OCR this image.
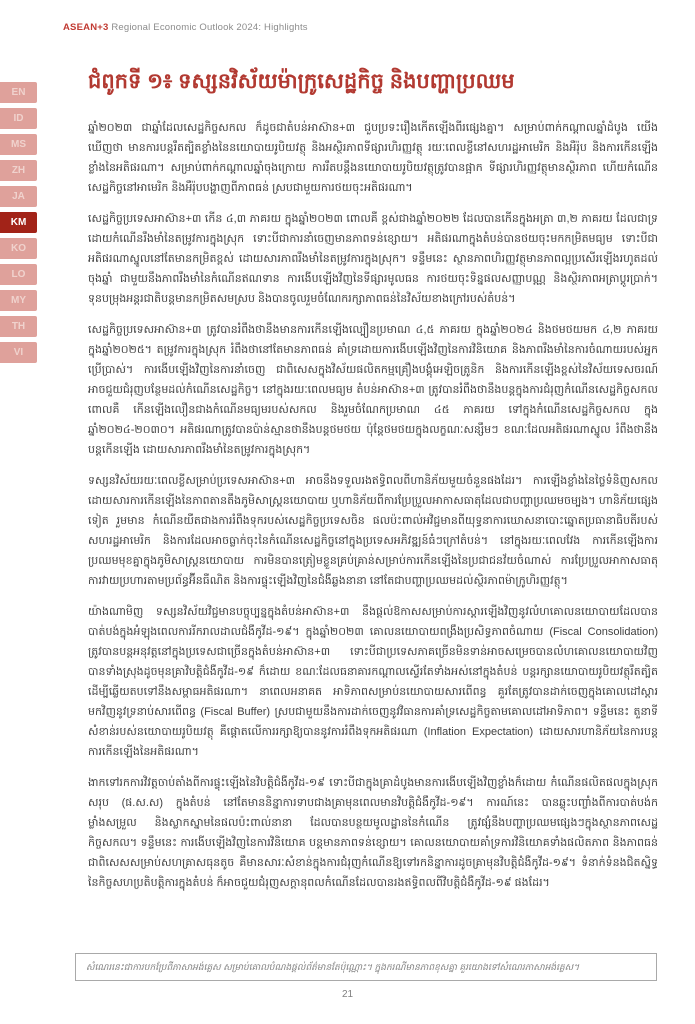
ASEAN+3 Regional Economic Outlook 2024: Highlights
EN
ID
MS
ZH
JA
KM
KO
LO
MY
TH
VI
ជំពូកទី ១៖ ទស្សនវិស័យម៉ាក្រូសេដ្ឋកិច្ច និងបញ្ហាប្រឈម

ឆ្នាំ២០២៣ ជាឆ្នាំដែលសេដ្ឋកិច្ចសកល ក៏ដូចជាតំបន់អាស៊ាន+៣ ជួបប្រទះរឿងកើតឡើងពីរផ្សេងគ្នា។ សម្រាប់ពាក់កណ្តាលឆ្នាំដំបូង យើងឃើញថា មានការបន្តរឹតត្បិតខ្លាំងនៃនយោបាយរូបិយវត្ថុ និងអស្ថិរភាពទីផ្សារហិរញ្ញវត្ថុ រយៈពេលខ្លីនៅសហរដ្ឋអាមេរិក និងអឺរ៉ុប និងការកើនឡើងខ្លាំងនៃអតិផរណា។ សម្រាប់ពាក់កណ្តាលឆ្នាំចុងក្រោយ ការរឹតបន្តឹងនយោបាយរូបិយវត្ថុត្រូវបានផ្អាក ទីផ្សារហិរញ្ញវត្ថុមានស្ថិរភាព ហើយកំណើនសេដ្ឋកិច្ចនៅអាមេរិក និងអឺរ៉ុបបង្ហាញពីភាពធន់ ស្របជាមួយការថយចុះអតិផរណា។

សេដ្ឋកិច្ចប្រទេសអាស៊ាន+៣ កើន ៤,៣ ភាគរយ ក្នុងឆ្នាំ២០២៣ ពោលគឺ ខ្ពស់ជាងឆ្នាំ២០២២ ដែលបានកើនក្នុងអត្រា ៣,២ ភាគរយ ដែលជាទ្រដោយកំណើនរឹងមាំនៃតម្រូវការក្នុងស្រុក ទោះបីជាការនាំចេញមានភាពទន់ខ្សោយ។ អតិផរណាក្នុងតំបន់បានថយចុះមកកម្រិតមធ្យម ទោះបីជាអតិផរណាស្នូលនៅតែមានកម្រិតខ្ពស់ ដោយសារភាពរឹងមាំនៃតម្រូវការក្នុងស្រុក។ ទន្ទឹមនេះ ស្ថានភាពហិរញ្ញវត្ថុមានភាពល្អប្រសើរឡើងរហូតដល់ចុងឆ្នាំ ជាមួយនឹងភាពរឹងមាំនៃកំណើនឥណទាន ការងើបឡើងវិញនៃទីផ្សារមូលធន ការថយចុះទិន្នផលសញ្ញាបណ្ណ និងស្ថិរភាពអត្រាប្តូរប្រាក់។ ទុនបម្រុងអន្តរជាតិបន្តមានកម្រិតសមស្រប និងបានចូលរួមចំណែករក្សាភាពធន់នៃវិស័យខាងក្រៅរបស់តំបន់។

សេដ្ឋកិច្ចប្រទេសអាស៊ាន+៣ ត្រូវបានរំពឹងថានឹងមានការកើនឡើងល្បឿនប្រមាណ ៤,៥ ភាគរយ ក្នុងឆ្នាំ២០២៤ និងថមថយមក ៤,២ ភាគរយ ក្នុងឆ្នាំ២០២៥។ តម្រូវការក្នុងស្រុក រំពឹងថានៅតែមានភាពធន់ គាំទ្រដោយការងើបឡើងវិញនៃការវិនិយោគ និងភាពរឹងមាំនៃការចំណាយរបស់អ្នកប្រើប្រាស់។ ការងើបឡើងវិញនៃការនាំចេញ ជាពិសេសក្នុងវិស័យផលិតកម្មគ្រឿងបង្គុំអេឡិចត្រូនិក និងការកើនឡើងខ្ពស់នៃវិស័យទេសចរណ៍ អាចជួយជំរុញបន្ថែមដល់កំណើនសេដ្ឋកិច្ច។ នៅក្នុងរយៈពេលមធ្យម តំបន់អាស៊ាន+៣ ត្រូវបានរំពឹងថានឹងបន្តក្នុងការជំរុញកំណើនសេដ្ឋកិច្ចសកល ពោលគឺ កើនឡើងលឿនជាងកំណើនមធ្យមរបស់សកល និងរួមចំណែកប្រមាណ ៤៥ ភាគរយ ទៅក្នុងកំណើនសេដ្ឋកិច្ចសកល ក្នុងឆ្នាំ២០២៤-២០៣០។ អតិផរណាត្រូវបានប៉ាន់ស្មានថានឹងបន្តថមថយ ប៉ុន្តែថមថយក្នុងលក្ខណៈសន្សឹមៗ ខណៈដែលអតិផរណាស្នូល រំពឹងថានឹងបន្តកើនឡើង ដោយសារភាពរឹងមាំនៃតម្រូវការក្នុងស្រុក។

ទស្សនវិស័យរយៈពេលខ្លីសម្រាប់ប្រទេសអាស៊ាន+៣ អាចនឹងទទួលរងឥទ្ធិពលពីហានិភ័យមួយចំនួនផងដែរ។ ការឡើងខ្លាំងនៃថ្លៃទំនិញសកល ដោយសារការកើនឡើងនៃភាពតានតឹងភូមិសាស្ត្រនយោបាយ ឬហានិភ័យពីការប្រែប្រួលអាកាសធាតុដែលជាបញ្ហាប្រឈមចម្បង។ ហានិភ័យផ្សេងទៀត រួមមាន កំណើនយឺតជាងការរំពឹងទុករបស់សេដ្ឋកិច្ចប្រទេសចិន ផលប៉ះពាល់អវិជ្ជមានពីយុទ្ធនាការឃោសនាបោះឆ្នោតប្រធានាធិបតីរបស់សហរដ្ឋអាមេរិក និងការដែលអាចធ្លាក់ចុះនៃកំណើនសេដ្ឋកិច្ចនៅក្នុងប្រទេសអភិវឌ្ឍន៍ធំៗក្រៅតំបន់។ នៅក្នុងរយៈពេលវែង ការកើនឡើងការប្រឈមមុខគ្នាក្នុងភូមិសាស្ត្រនយោបាយ ការមិនបានត្រៀមខ្លួនគ្រប់គ្រាន់សម្រាប់ការកើនឡើងនៃប្រជាជនវ័យចំណាស់ ការប្រែប្រួលអាកាសធាតុ ការវាយប្រហារតាមប្រព័ន្ធអ៊ីនធឺណិត និងការផ្ទុះឡើងវិញនៃជំងឺឆ្លងនានា នៅតែជាបញ្ហាប្រឈមដល់ស្ថិរភាពម៉ាក្រូហិរញ្ញវត្ថុ។

យ៉ាងណាមិញ ទស្សនវិស័យវិជ្ជមានបច្ចុប្បន្នក្នុងតំបន់អាស៊ាន+៣ នឹងផ្តល់ឱកាសសម្រាប់ការស្តារឡើងវិញនូវលំហគោលនយោបាយដែលបានបាត់បង់ក្នុងអំឡុងពេលការរីករាលដាលជំងឺកូវីដ-១៩។ ក្នុងឆ្នាំ២០២៣ គោលនយោបាយពង្រឹងប្រសិទ្ធភាពចំណាយ (Fiscal Consolidation) ត្រូវបានបន្តអនុវត្តនៅក្នុងប្រទេសជាច្រើនក្នុងតំបន់អាស៊ាន+៣ ទោះបីជាប្រទេសភាគច្រើនមិនទាន់អាចសម្រេចបានលំហគោលនយោបាយវិញបានទាំងស្រុងដូចមុនគ្រាវិបត្តិជំងឺកូវីដ-១៩ ក៏ដោយ ខណៈដែលធនាគារកណ្តាលស្ទើរតែទាំងអស់នៅក្នុងតំបន់ បន្តរក្សានយោបាយរូបិយវត្ថុរឹតត្បិត ដើម្បីឆ្លើយតបទៅនឹងសម្ពាធអតិផរណា។ នាពេលអនាគត អាទិភាពសម្រាប់នយោបាយសារពើពន្ធ គួរតែត្រូវបានដាក់ចេញក្នុងគោលដៅស្តារមកវិញនូវទ្រនាប់សារពើពន្ធ (Fiscal Buffer) ស្របជាមួយនឹងការដាក់ចេញនូវវិធានការគាំទ្រសេដ្ឋកិច្ចតាមគោលដៅអាទិភាព។ ទន្ទឹមនេះ តួនាទីសំខាន់របស់នយោបាយរូបិយវត្ថុ គឺផ្តោតលើការរក្សាឱ្យបាននូវការរំពឹងទុកអតិផរណា (Inflation Expectation) ដោយសារហានិភ័យនៃការបន្តការកើនឡើងនៃអតិផរណា។

ងាកទៅរកការវិវត្តចាប់តាំងពីការផ្ទុះឡើងនៃវិបត្តិជំងឺកូវីដ-១៩ ទោះបីជាក្នុងគ្រាដំបូងមានការងើបឡើងវិញខ្លាំងក៏ដោយ កំណើនផលិតផលក្នុងស្រុកសរុប (ផ.ស.ស) ក្នុងតំបន់ នៅតែមាននិន្នាការទាបជាងគ្រាមុនពេលមានវិបត្តិជំងឺកូវីដ-១៩។ ការណ៍នេះ បានឆ្លុះបញ្ចាំងពីការបាត់បង់កម្លាំងសម្រួល និងស្លាកស្នាមនៃផលប៉ះពាល់នានា ដែលបានបន្ថយមូលដ្ឋាននៃកំណើន ត្រូវផ្សំនឹងបញ្ហាប្រឈមផ្សេងៗក្នុងស្ថានភាពសេដ្ឋកិច្ចសកល។ ទន្ទឹមនេះ ការងើបឡើងវិញនៃការវិនិយោគ បន្តមានភាពទន់ខ្សោយ។ គោលនយោបាយគាំទ្រការវិនិយោគទាំងផលិតភាព និងភាពធន់ ជាពិសេសសម្រាប់សហគ្រាសធុនតូច គឺមានសារៈសំខាន់ក្នុងការជំរុញកំណើនឱ្យទៅរកនិន្នាការដូចគ្រាមុនវិបត្តិជំងឺកូវីដ-១៩។ ទំនាក់ទំនងជិតស្និទ្ធនៃកិច្ចសហប្រតិបត្តិការក្នុងតំបន់ ក៏អាចជួយជំរុញសក្តានុពលកំណើនដែលបានរងឥទ្ធិពលពីវិបត្តិជំងឺកូវីដ-១៩ ផងដែរ។

សំណេរនេះជាការបកប្រែពីភាសាអង់គ្លេស សម្រាប់គោលបំណងផ្តល់ព័ត៌មានតែប៉ុណ្ណោះ។ ក្នុងករណីមានភាពខុសគ្នា គួរយោងទៅសំណេរភាសាអង់គ្លេស។
21
